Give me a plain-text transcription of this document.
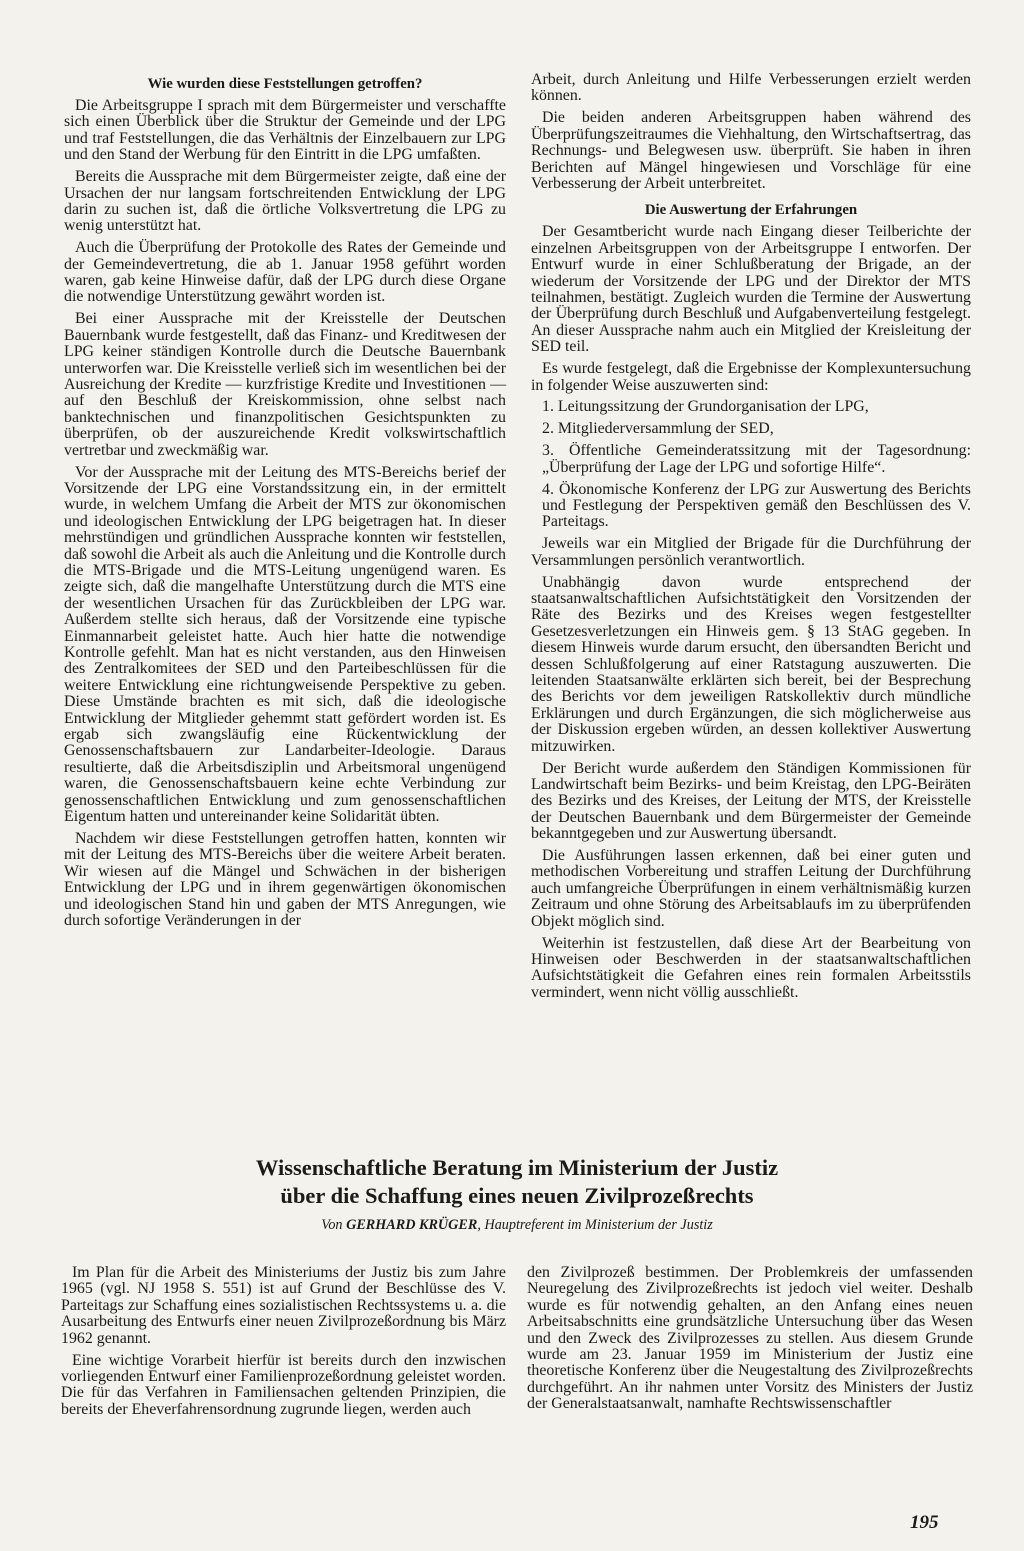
Wie wurden diese Feststellungen getroffen?

Die Arbeitsgruppe I sprach mit dem Bürgermeister und verschaffte sich einen Überblick über die Struktur der Gemeinde und der LPG und traf Feststellungen, die das Verhältnis der Einzelbauern zur LPG und den Stand der Werbung für den Eintritt in die LPG umfaßten.

Bereits die Aussprache mit dem Bürgermeister zeigte, daß eine der Ursachen der nur langsam fortschreitenden Entwicklung der LPG darin zu suchen ist, daß die örtliche Volksvertretung die LPG zu wenig unterstützt hat.

Auch die Überprüfung der Protokolle des Rates der Gemeinde und der Gemeindevertretung, die ab 1. Januar 1958 geführt worden waren, gab keine Hinweise dafür, daß der LPG durch diese Organe die notwendige Unterstützung gewährt worden ist.

Bei einer Aussprache mit der Kreisstelle der Deutschen Bauernbank wurde festgestellt, daß das Finanz- und Kreditwesen der LPG keiner ständigen Kontrolle durch die Deutsche Bauernbank unterworfen war. Die Kreisstelle verließ sich im wesentlichen bei der Ausreichung der Kredite — kurzfristige Kredite und Investitionen — auf den Beschluß der Kreiskommission, ohne selbst nach banktechnischen und finanzpolitischen Gesichtspunkten zu überprüfen, ob der auszureichende Kredit volkswirtschaftlich vertretbar und zweckmäßig war.

Vor der Aussprache mit der Leitung des MTS-Bereichs berief der Vorsitzende der LPG eine Vorstandssitzung ein, in der ermittelt wurde, in welchem Umfang die Arbeit der MTS zur ökonomischen und ideologischen Entwicklung der LPG beigetragen hat. In dieser mehrstündigen und gründlichen Aussprache konnten wir feststellen, daß sowohl die Arbeit als auch die Anleitung und die Kontrolle durch die MTS-Brigade und die MTS-Leitung ungenügend waren. Es zeigte sich, daß die mangelhafte Unterstützung durch die MTS eine der wesentlichen Ursachen für das Zurückbleiben der LPG war. Außerdem stellte sich heraus, daß der Vorsitzende eine typische Einmannarbeit geleistet hatte. Auch hier hatte die notwendige Kontrolle gefehlt. Man hat es nicht verstanden, aus den Hinweisen des Zentralkomitees der SED und den Parteibeschlüssen für die weitere Entwicklung eine richtungweisende Perspektive zu geben. Diese Umstände brachten es mit sich, daß die ideologische Entwicklung der Mitglieder gehemmt statt gefördert worden ist. Es ergab sich zwangsläufig eine Rückentwicklung der Genossenschaftsbauern zur Landarbeiter-Ideologie. Daraus resultierte, daß die Arbeitsdisziplin und Arbeitsmoral ungenügend waren, die Genossenschaftsbauern keine echte Verbindung zur genossenschaftlichen Entwicklung und zum genossenschaftlichen Eigentum hatten und untereinander keine Solidarität übten.

Nachdem wir diese Feststellungen getroffen hatten, konnten wir mit der Leitung des MTS-Bereichs über die weitere Arbeit beraten. Wir wiesen auf die Mängel und Schwächen in der bisherigen Entwicklung der LPG und in ihrem gegenwärtigen ökonomischen und ideologischen Stand hin und gaben der MTS Anregungen, wie durch sofortige Veränderungen in der

Arbeit, durch Anleitung und Hilfe Verbesserungen erzielt werden können.

Die beiden anderen Arbeitsgruppen haben während des Überprüfungszeitraumes die Viehhaltung, den Wirtschaftsertrag, das Rechnungs- und Belegwesen usw. überprüft. Sie haben in ihren Berichten auf Mängel hingewiesen und Vorschläge für eine Verbesserung der Arbeit unterbreitet.

Die Auswertung der Erfahrungen

Der Gesamtbericht wurde nach Eingang dieser Teilberichte der einzelnen Arbeitsgruppen von der Arbeitsgruppe I entworfen. Der Entwurf wurde in einer Schlußberatung der Brigade, an der wiederum der Vorsitzende der LPG und der Direktor der MTS teilnahmen, bestätigt. Zugleich wurden die Termine der Auswertung der Überprüfung durch Beschluß und Aufgabenverteilung festgelegt. An dieser Aussprache nahm auch ein Mitglied der Kreisleitung der SED teil.

Es wurde festgelegt, daß die Ergebnisse der Komplexuntersuchung in folgender Weise auszuwerten sind:

1. Leitungssitzung der Grundorganisation der LPG,

2. Mitgliederversammlung der SED,

3. Öffentliche Gemeinderatssitzung mit der Tagesordnung: „Überprüfung der Lage der LPG und sofortige Hilfe“.

4. Ökonomische Konferenz der LPG zur Auswertung des Berichts und Festlegung der Perspektiven gemäß den Beschlüssen des V. Parteitags.

Jeweils war ein Mitglied der Brigade für die Durchführung der Versammlungen persönlich verantwortlich.

Unabhängig davon wurde entsprechend der staatsanwaltschaftlichen Aufsichtstätigkeit den Vorsitzenden der Räte des Bezirks und des Kreises wegen festgestellter Gesetzesverletzungen ein Hinweis gem. § 13 StAG gegeben. In diesem Hinweis wurde darum ersucht, den übersandten Bericht und dessen Schlußfolgerung auf einer Ratstagung auszuwerten. Die leitenden Staatsanwälte erklärten sich bereit, bei der Besprechung des Berichts vor dem jeweiligen Ratskollektiv durch mündliche Erklärungen und durch Ergänzungen, die sich möglicherweise aus der Diskussion ergeben würden, an dessen kollektiver Auswertung mitzuwirken.

Der Bericht wurde außerdem den Ständigen Kommissionen für Landwirtschaft beim Bezirks- und beim Kreistag, den LPG-Beiräten des Bezirks und des Kreises, der Leitung der MTS, der Kreisstelle der Deutschen Bauernbank und dem Bürgermeister der Gemeinde bekanntgegeben und zur Auswertung übersandt.

Die Ausführungen lassen erkennen, daß bei einer guten und methodischen Vorbereitung und straffen Leitung der Durchführung auch umfangreiche Überprüfungen in einem verhältnismäßig kurzen Zeitraum und ohne Störung des Arbeitsablaufs im zu überprüfenden Objekt möglich sind.

Weiterhin ist festzustellen, daß diese Art der Bearbeitung von Hinweisen oder Beschwerden in der staatsanwaltschaftlichen Aufsichtstätigkeit die Gefahren eines rein formalen Arbeitsstils vermindert, wenn nicht völlig ausschließt.

Wissenschaftliche Beratung im Ministerium der Justiz
über die Schaffung eines neuen Zivilprozeßrechts

Von GERHARD KRÜGER, Hauptreferent im Ministerium der Justiz

Im Plan für die Arbeit des Ministeriums der Justiz bis zum Jahre 1965 (vgl. NJ 1958 S. 551) ist auf Grund der Beschlüsse des V. Parteitags zur Schaffung eines sozialistischen Rechtssystems u. a. die Ausarbeitung des Entwurfs einer neuen Zivilprozeßordnung bis März 1962 genannt.

Eine wichtige Vorarbeit hierfür ist bereits durch den inzwischen vorliegenden Entwurf einer Familienprozeßordnung geleistet worden. Die für das Verfahren in Familiensachen geltenden Prinzipien, die bereits der Eheverfahrensordnung zugrunde liegen, werden auch

den Zivilprozeß bestimmen. Der Problemkreis der umfassenden Neuregelung des Zivilprozeßrechts ist jedoch viel weiter. Deshalb wurde es für notwendig gehalten, an den Anfang eines neuen Arbeitsabschnitts eine grundsätzliche Untersuchung über das Wesen und den Zweck des Zivilprozesses zu stellen. Aus diesem Grunde wurde am 23. Januar 1959 im Ministerium der Justiz eine theoretische Konferenz über die Neugestaltung des Zivilprozeßrechts durchgeführt. An ihr nahmen unter Vorsitz des Ministers der Justiz der Generalstaatsanwalt, namhafte Rechtswissenschaftler

195
